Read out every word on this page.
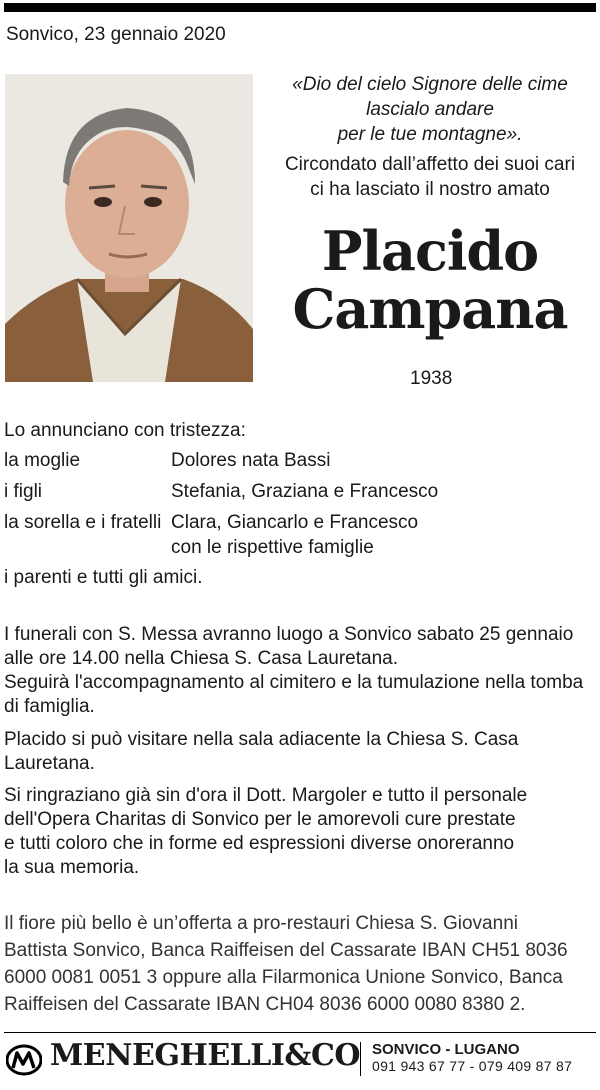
Sonvico, 23 gennaio 2020
«Dio del cielo Signore delle cime
lascialo andare
per le tue montagne».
Circondato dall’affetto dei suoi cari
ci ha lasciato il nostro amato
Placido
Campana
1938
Lo annunciano con tristezza:
la moglie	Dolores nata Bassi
i figli	Stefania, Graziana e Francesco
la sorella e i fratelli Clara, Giancarlo e Francesco
con le rispettive famiglie
i parenti e tutti gli amici.
I funerali con S. Messa avranno luogo a Sonvico sabato 25 gennaio
alle ore 14.00 nella Chiesa S. Casa Lauretana.
Seguirà l'accompagnamento al cimitero e la tumulazione nella tomba
di famiglia.
Placido si può visitare nella sala adiacente la Chiesa S. Casa
Lauretana.
Si ringraziano già sin d'ora il Dott. Margoler e tutto il personale
dell'Opera Charitas di Sonvico per le amorevoli cure prestate
e tutti coloro che in forme ed espressioni diverse onoreranno
la sua memoria.
Il fiore più bello è un’offerta a pro-restauri Chiesa S. Giovanni
Battista Sonvico, Banca Raiffeisen del Cassarate IBAN CH51 8036
6000 0081 0051 3 oppure alla Filarmonica Unione Sonvico, Banca
Raiffeisen del Cassarate IBAN CH04 8036 6000 0080 8380 2.
MENEGHELLI&CO SONVICO - LUGANO
091 943 67 77 - 079 409 87 87
